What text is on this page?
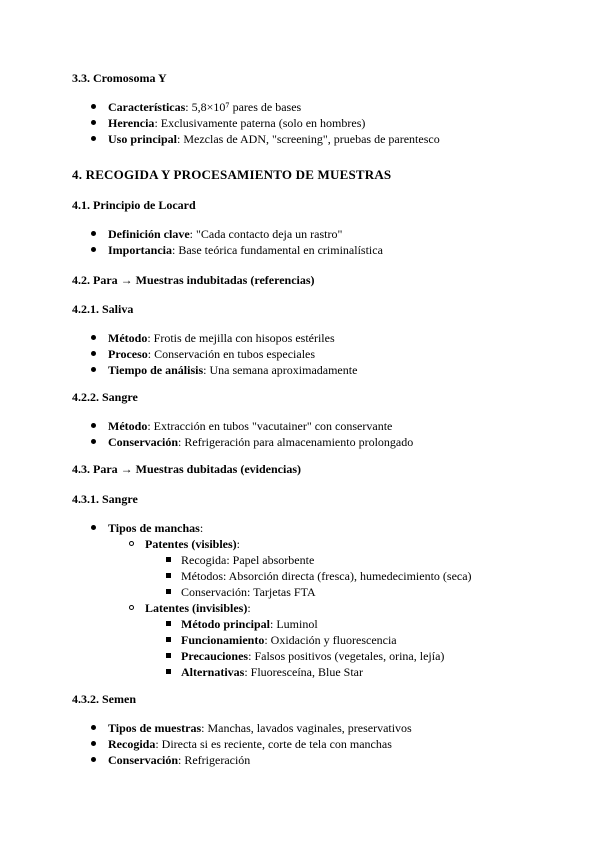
3.3. Cromosoma Y
Características: 5,8×10⁷ pares de bases
Herencia: Exclusivamente paterna (solo en hombres)
Uso principal: Mezclas de ADN, "screening", pruebas de parentesco
4. RECOGIDA Y PROCESAMIENTO DE MUESTRAS
4.1. Principio de Locard
Definición clave: "Cada contacto deja un rastro"
Importancia: Base teórica fundamental en criminalística
4.2. Para → Muestras indubitadas (referencias)
4.2.1. Saliva
Método: Frotis de mejilla con hisopos estériles
Proceso: Conservación en tubos especiales
Tiempo de análisis: Una semana aproximadamente
4.2.2. Sangre
Método: Extracción en tubos "vacutainer" con conservante
Conservación: Refrigeración para almacenamiento prolongado
4.3. Para → Muestras dubitadas (evidencias)
4.3.1. Sangre
Tipos de manchas:
Patentes (visibles):
Recogida: Papel absorbente
Métodos: Absorción directa (fresca), humedecimiento (seca)
Conservación: Tarjetas FTA
Latentes (invisibles):
Método principal: Luminol
Funcionamiento: Oxidación y fluorescencia
Precauciones: Falsos positivos (vegetales, orina, lejía)
Alternativas: Fluoresceína, Blue Star
4.3.2. Semen
Tipos de muestras: Manchas, lavados vaginales, preservativos
Recogida: Directa si es reciente, corte de tela con manchas
Conservación: Refrigeración
